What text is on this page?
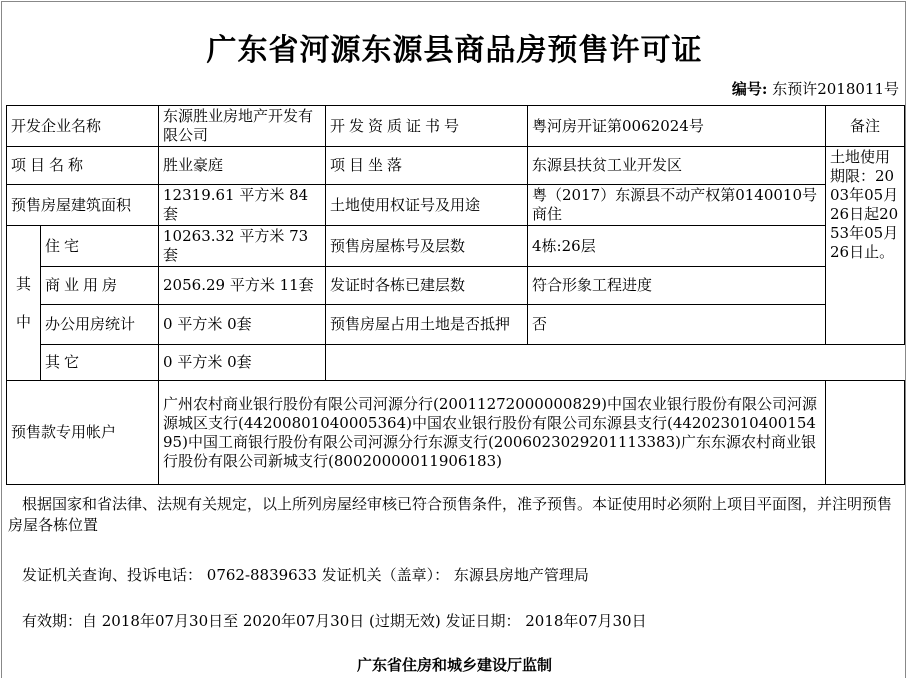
广东省河源东源县商品房预售许可证
编号: 东预许2018011号
开发企业名称		东源胜业房地产开发有限公司	开发资质证书号	粤河房开证第0062024号	备注	
项目名称		胜业豪庭	项目坐落	东源县扶贫工业开发区	土地使用期限：2003年05月26日起2053年05月26日止。	
预售房屋建筑面积		12319.61 平方米 84套	土地使用权证号及用途	粤（2017）东源县不动产权第0140010号 商住		
其中	住宅	10263.32 平方米 73套	预售房屋栋号及层数	4栋:26层		
	商业用房	2056.29 平方米 11套	发证时各栋已建层数	符合形象工程进度		
	办公用房统计	0 平方米 0套	预售房屋占用土地是否抵押	否		
	其它	0 平方米 0套				
预售款专用帐户		广州农村商业银行股份有限公司河源分行(20011272000000829)中国农业银行股份有限公司河源源城区支行(44200801040005364)中国农业银行股份有限公司东源县支行(44202301040015495)中国工商银行股份有限公司河源分行东源支行(2006023029201113383)广东东源农村商业银行股份有限公司新城支行(80020000011906183)				
根据国家和省法律、法规有关规定，以上所列房屋经审核已符合预售条件，准予预售。本证使用时必须附上项目平面图，并注明预售房屋各栋位置
发证机关查询、投诉电话： 0762-8839633 发证机关（盖章）： 东源县房地产管理局
有效期：自 2018年07月30日至 2020年07月30日 (过期无效) 发证日期： 2018年07月30日
广东省住房和城乡建设厅监制
